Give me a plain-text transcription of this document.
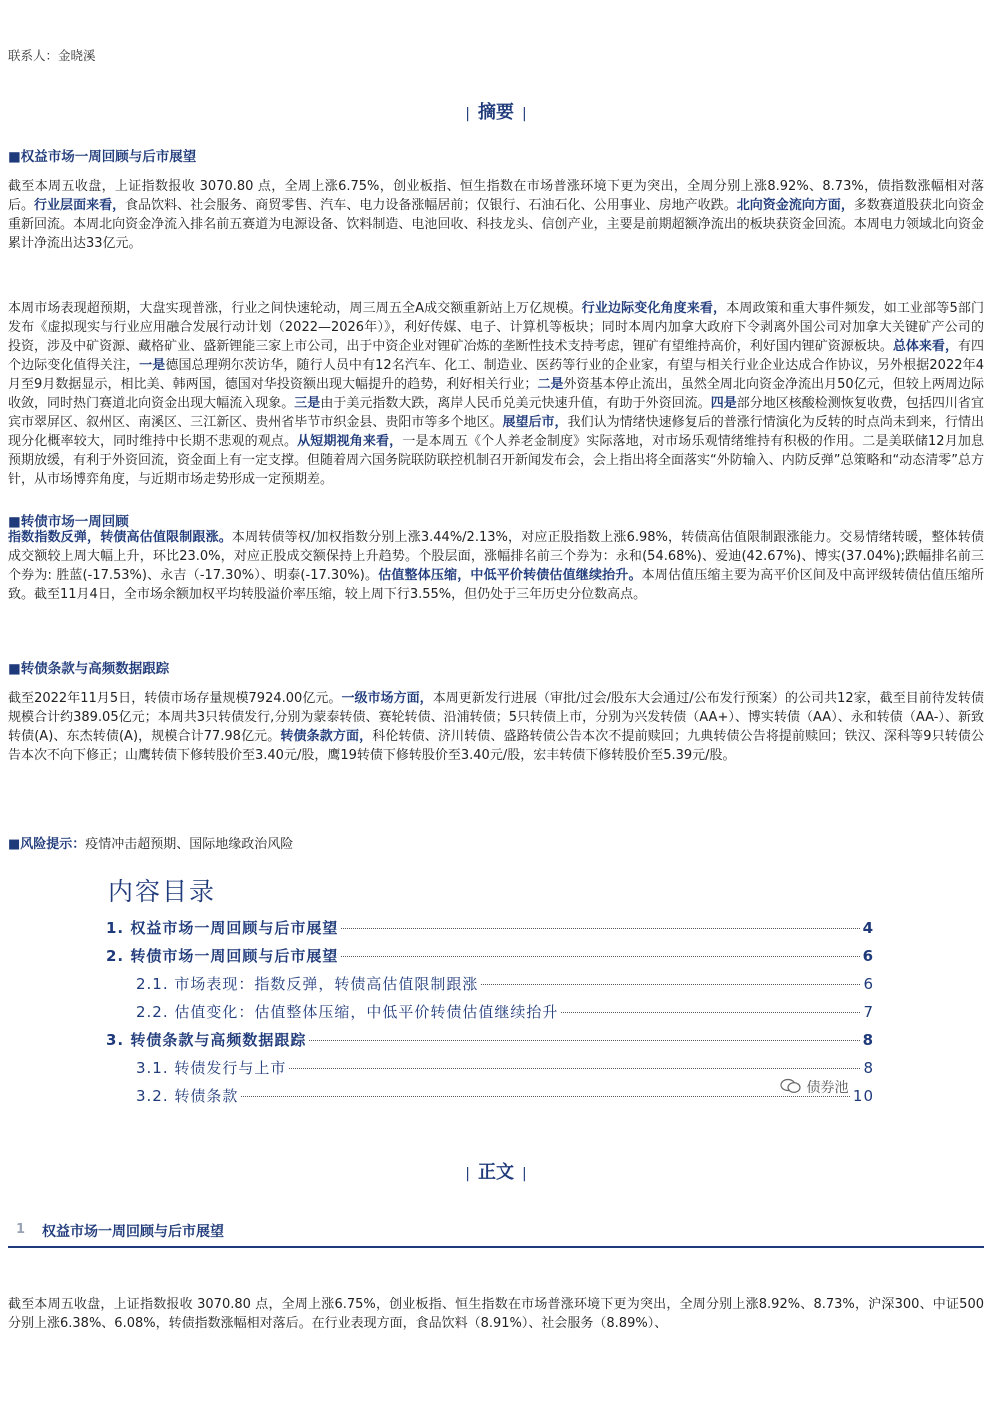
联系人：金晓溪
| 摘要 |
■权益市场一周回顾与后市展望
截至本周五收盘，上证指数报收 3070.80 点，全周上涨6.75%，创业板指、恒生指数在市场普涨环境下更为突出，全周分别上涨8.92%、8.73%，债指数涨幅相对落后。行业层面来看，食品饮料、社会服务、商贸零售、汽车、电力设备涨幅居前；仅银行、石油石化、公用事业、房地产收跌。北向资金流向方面，多数赛道股获北向资金重新回流。本周北向资金净流入排名前五赛道为电源设备、饮料制造、电池回收、科技龙头、信创产业，主要是前期超额净流出的板块获资金回流。本周电力领域北向资金累计净流出达33亿元。
本周市场表现超预期，大盘实现普涨，行业之间快速轮动，周三周五全A成交额重新站上万亿规模。行业边际变化角度来看，本周政策和重大事件频发，如工业部等5部门发布《虚拟现实与行业应用融合发展行动计划（2022—2026年）》，利好传媒、电子、计算机等板块；同时本周内加拿大政府下令剥离外国公司对加拿大关键矿产公司的投资，涉及中矿资源、藏格矿业、盛新锂能三家上市公司，出于中资企业对锂矿冶炼的垄断性技术支持考虑，锂矿有望维持高价，利好国内锂矿资源板块。总体来看，有四个边际变化值得关注，一是德国总理朔尔茨访华，随行人员中有12名汽车、化工、制造业、医药等行业的企业家，有望与相关行业企业达成合作协议，另外根据2022年4月至9月数据显示，相比美、韩两国，德国对华投资额出现大幅提升的趋势，利好相关行业；二是外资基本停止流出，虽然全周北向资金净流出月50亿元，但较上两周边际收敛，同时热门赛道北向资金出现大幅流入现象。三是由于美元指数大跌，离岸人民币兑美元快速升值，有助于外资回流。四是部分地区核酸检测恢复收费，包括四川省宜宾市翠屏区、叙州区、南溪区、三江新区、贵州省毕节市织金县、贵阳市等多个地区。展望后市，我们认为情绪快速修复后的普涨行情演化为反转的时点尚未到来，行情出现分化概率较大，同时维持中长期不悲观的观点。从短期视角来看，一是本周五《个人养老金制度》实际落地，对市场乐观情绪维持有积极的作用。二是美联储12月加息预期放缓，有利于外资回流，资金面上有一定支撑。但随着周六国务院联防联控机制召开新闻发布会，会上指出将全面落实“外防输入、内防反弹”总策略和“动态清零”总方针，从市场博弈角度，与近期市场走势形成一定预期差。
■转债市场一周回顾
指数指数反弹，转债高估值限制跟涨。本周转债等权/加权指数分别上涨3.44%/2.13%，对应正股指数上涨6.98%，转债高估值限制跟涨能力。交易情绪转暖，整体转债成交额较上周大幅上升，环比23.0%，对应正股成交额保持上升趋势。个股层面，涨幅排名前三个券为：永和(54.68%)、爱迪(42.67%)、博实(37.04%);跌幅排名前三个券为: 胜蓝(-17.53%)、永吉（-17.30%）、明泰(-17.30%)。估值整体压缩，中低平价转债估值继续抬升。本周估值压缩主要为高平价区间及中高评级转债估值压缩所致。截至11月4日，全市场余额加权平均转股溢价率压缩，较上周下行3.55%，但仍处于三年历史分位数高点。
■转债条款与高频数据跟踪
截至2022年11月5日，转债市场存量规模7924.00亿元。一级市场方面，本周更新发行进展（审批/过会/股东大会通过/公布发行预案）的公司共12家，截至目前待发转债规模合计约389.05亿元；本周共3只转债发行,分别为蒙泰转债、赛轮转债、沿浦转债；5只转债上市，分别为兴发转债（AA+）、博实转债（AA）、永和转债（AA-）、新致转债(A)、东杰转债(A)，规模合计77.98亿元。转债条款方面，科伦转债、济川转债、盛路转债公告本次不提前赎回；九典转债公告将提前赎回；铁汉、深科等9只转债公告本次不向下修正；山鹰转债下修转股价至3.40元/股，鹰19转债下修转股价至3.40元/股，宏丰转债下修转股价至5.39元/股。
■风险提示：疫情冲击超预期、国际地缘政治风险
内容目录
1. 权益市场一周回顾与后市展望	4
2. 转债市场一周回顾与后市展望	6
2.1. 市场表现：指数反弹，转债高估值限制跟涨	6
2.2. 估值变化：估值整体压缩，中低平价转债估值继续抬升	7
3. 转债条款与高频数据跟踪	8
3.1. 转债发行与上市	8
3.2. 转债条款	10
债券池
| 正文 |
1 权益市场一周回顾与后市展望
截至本周五收盘，上证指数报收 3070.80 点，全周上涨6.75%，创业板指、恒生指数在市场普涨环境下更为突出，全周分别上涨8.92%、8.73%，沪深300、中证500分别上涨6.38%、6.08%，转债指数涨幅相对落后。在行业表现方面，食品饮料（8.91%）、社会服务（8.89%）、
